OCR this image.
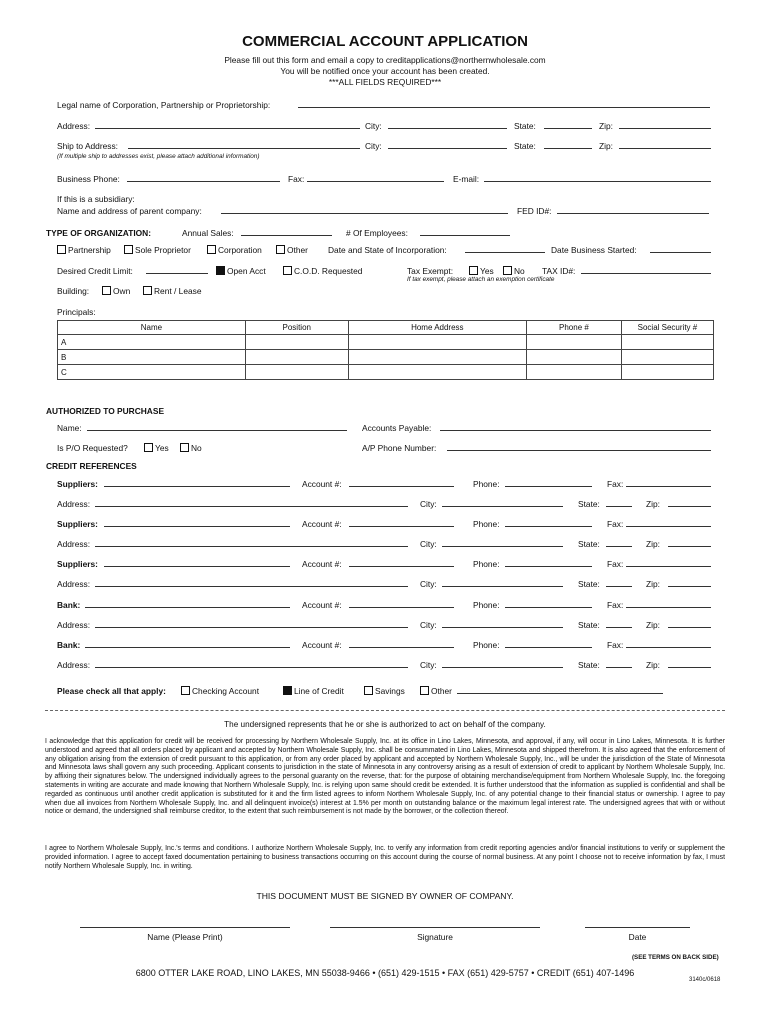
COMMERCIAL ACCOUNT APPLICATION
Please fill out this form and email a copy to creditapplications@northernwholesale.com
You will be notified once your account has been created.
***ALL FIELDS REQUIRED***
Legal name of Corporation, Partnership or Proprietorship:
Address:	City:	State:	Zip:
Ship to Address:	City:	State:	Zip:
(If multiple ship to addresses exist, please attach additional information)
Business Phone:	Fax:	E-mail:
If this is a subsidiary:
Name and address of parent company:	FED ID#:
TYPE OF ORGANIZATION:	Annual Sales:	# Of Employees:
Partnership	Sole Proprietor	Corporation	Other Date and State of Incorporation:	Date Business Started:
Desired Credit Limit:	Open Acct	C.O.D. Requested	Tax Exempt:	Yes	No TAX ID#:
If tax exempt, please attach an exemption certificate
Building:	Own	Rent / Lease
Principals:
Name	Position	Home Address	Phone #	Social Security #
A				
B				
C				
AUTHORIZED TO PURCHASE
Name:	Accounts Payable:
Is P/O Requested?	Yes	No	A/P Phone Number:
CREDIT REFERENCES
Suppliers:	Account #:	Phone:	Fax:
Address:	City:	State:	Zip:
Suppliers:	Account #:	Phone:	Fax:
Address:	City:	State:	Zip:
Suppliers:	Account #:	Phone:	Fax:
Address:	City:	State:	Zip:
Bank:	Account #:	Phone:	Fax:
Address:	City:	State:	Zip:
Bank:	Account #:	Phone:	Fax:
Address:	City:	State:	Zip:
Please check all that apply:	Checking Account	Line of Credit	Savings	Other
The undersigned represents that he or she is authorized to act on behalf of the company.
I acknowledge that this application for credit will be received for processing by Northern Wholesale Supply, Inc. at its office in Lino Lakes, Minnesota, and approval, if any, will occur in Lino Lakes, Minnesota. It is further understood and agreed that all orders placed by applicant and accepted by Northern Wholesale Supply, Inc. shall be consummated in Lino Lakes, Minnesota and shipped therefrom. It is also agreed that the enforcement of any obligation arising from the extension of credit pursuant to this application, or from any order placed by applicant and accepted by Northern Wholesale Supply, Inc., will be under the jurisdiction of the State of Minnesota and Minnesota laws shall govern any such proceeding. Applicant consents to jurisdiction in the state of Minnesota in any controversy arising as a result of extension of credit to applicant by Northern Wholesale Supply, Inc. by affixing their signatures below. The undersigned individually agrees to the personal guaranty on the reverse, that: for the purpose of obtaining merchandise/equipment from Northern Wholesale Supply, Inc. the foregoing statements in writing are accurate and made knowing that Northern Wholesale Supply, Inc. is relying upon same should credit be extended. It is further understood that the information as supplied is confidential and shall be regarded as continuous until another credit application is substituted for it and the firm listed agrees to inform Northern Wholesale Supply, Inc. of any potential change to their financial status or ownership. I agree to pay when due all invoices from Northern Wholesale Supply, Inc. and all delinquent invoice(s) interest at 1.5% per month on outstanding balance or the maximum legal interest rate. The undersigned agrees that with or without notice or demand, the undersigned shall reimburse creditor, to the extent that such reimbursement is not made by the borrower, or the collection thereof.
I agree to Northern Wholesale Supply, Inc.'s terms and conditions. I authorize Northern Wholesale Supply, Inc. to verify any information from credit reporting agencies and/or financial institutions to verify or supplement the provided information. I agree to accept faxed documentation pertaining to business transactions occurring on this account during the course of normal business. At any point I choose not to receive information by fax, I must notify Northern Wholesale Supply, Inc. in writing.
THIS DOCUMENT MUST BE SIGNED BY OWNER OF COMPANY.
Name (Please Print)	Signature	Date
(SEE TERMS ON BACK SIDE)
6800 OTTER LAKE ROAD, LINO LAKES, MN 55038-9466 • (651) 429-1515 • FAX (651) 429-5757 • CREDIT (651) 407-1496
3140c/0618
